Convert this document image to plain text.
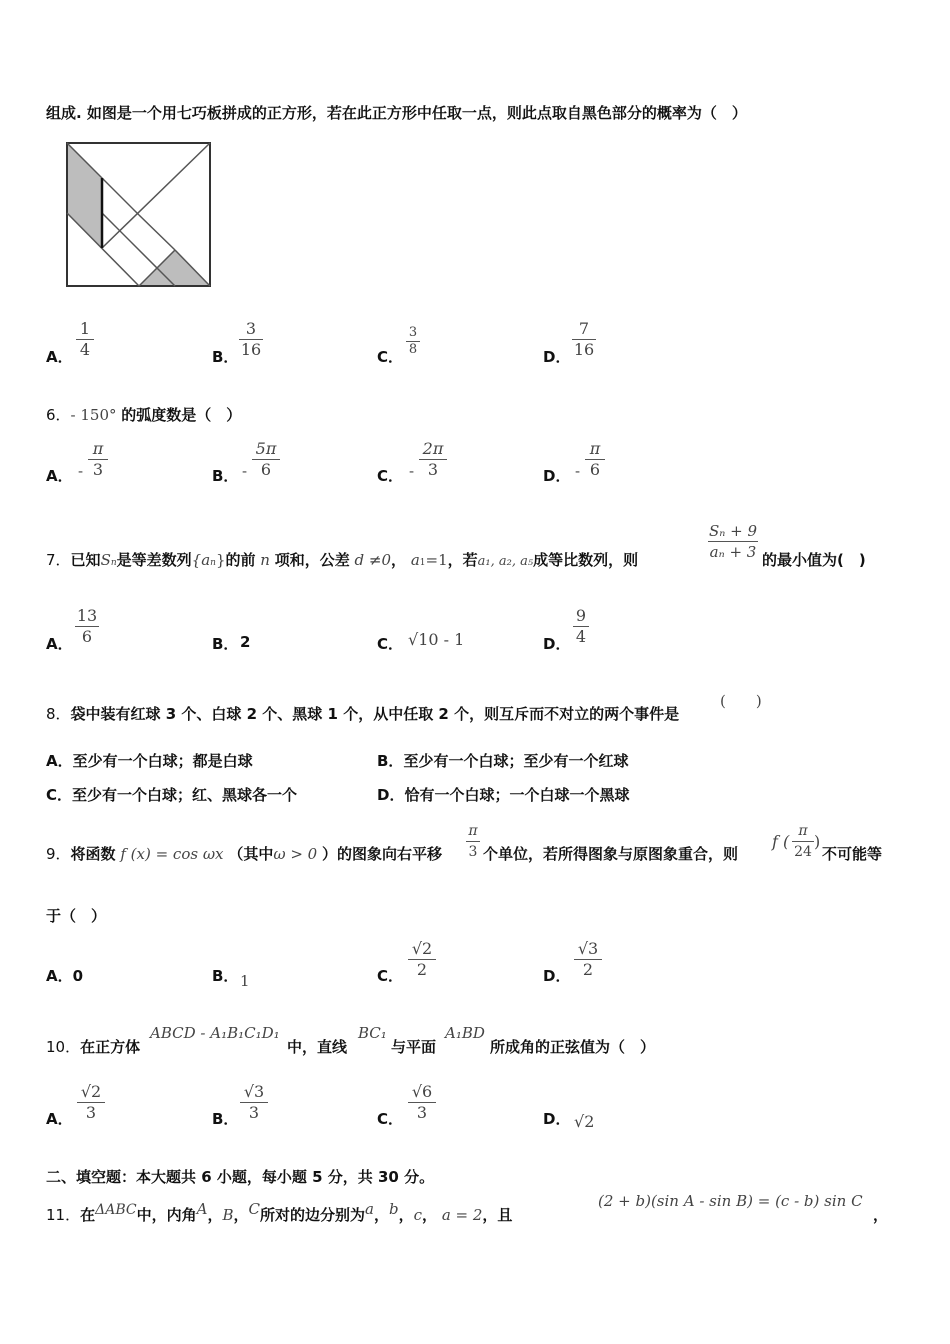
组成. 如图是一个用七巧板拼成的正方形，若在此正方形中任取一点，则此点取自黑色部分的概率为（　）
A．
1
4	B．
3
16	C．
3
8	D．
7
16
6．- 150° 的弧度数是（　）
A． -
π
3	B． -
5π
6	C． -
2π
3	D． -
π
6
7．已知Sn是等差数列{an}的前 n 项和，公差 d ≠0， a1=1，若a₁, a₂, a₅成等比数列，则
Sₙ + 9
aₙ + 3 的最小值为(　)
A．
13
6	B． 2	C． √10 - 1	D．
9
4
8．袋中装有红球 3 个、白球 2 个、黑球 1 个，从中任取 2 个，则互斥而不对立的两个事件是
(　　)
A．至少有一个白球；都是白球	B．至少有一个白球；至少有一个红球
C．至少有一个白球；红、黑球各一个	D．恰有一个白球；一个白球一个黑球
9．将函数 f (x) = cos ωx （其中ω > 0 ）的图象向右平移
π
3 个单位，若所得图象与原图象重合，则
f (
π
24
)
不可能等
于（　）
A．0	B． 1	C．
√2
2	D．
√3
2
10．在正方体
ABCD - A₁B₁C₁D₁
中，直线
BC₁
与平面
A₁BD
所成角的正弦值为（　）
A．
√2
3	B．
√3
3	C．
√6
3	D． √2
二、填空题：本大题共 6 小题，每小题 5 分，共 30 分。
11．在ΔABC中，内角A，B，C所对的边分别为a，b，c， a = 2，且
(2 + b)(sin A - sin B) = (c - b) sin C
，
